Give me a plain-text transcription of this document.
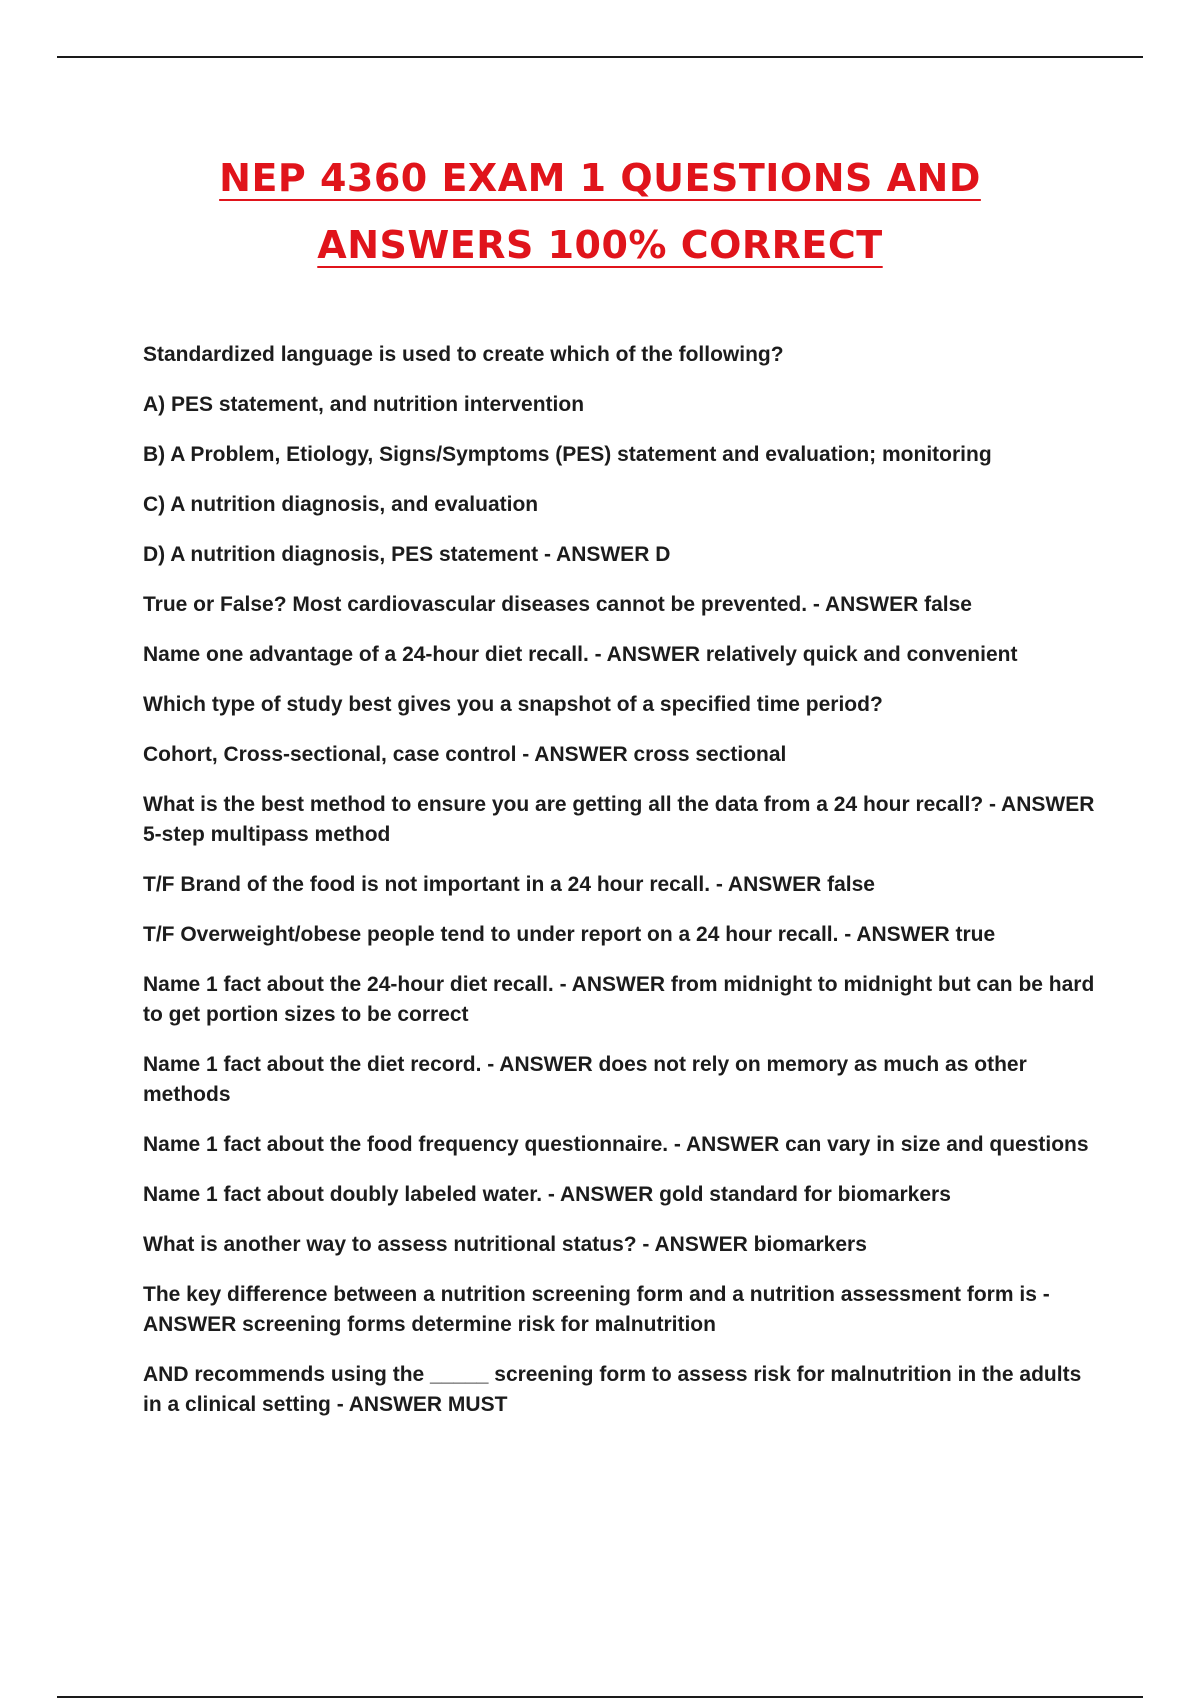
NEP 4360 EXAM 1 QUESTIONS AND
ANSWERS 100% CORRECT

Standardized language is used to create which of the following?

A) PES statement, and nutrition intervention

B) A Problem, Etiology, Signs/Symptoms (PES) statement and evaluation; monitoring

C) A nutrition diagnosis, and evaluation

D) A nutrition diagnosis, PES statement - ANSWER D

True or False? Most cardiovascular diseases cannot be prevented. - ANSWER false

Name one advantage of a 24-hour diet recall. - ANSWER relatively quick and convenient

Which type of study best gives you a snapshot of a specified time period?

Cohort, Cross-sectional, case control - ANSWER cross sectional

What is the best method to ensure you are getting all the data from a 24 hour recall? - ANSWER 5-step multipass method

T/F Brand of the food is not important in a 24 hour recall. - ANSWER false

T/F Overweight/obese people tend to under report on a 24 hour recall. - ANSWER true

Name 1 fact about the 24-hour diet recall. - ANSWER from midnight to midnight but can be hard to get portion sizes to be correct

Name 1 fact about the diet record. - ANSWER does not rely on memory as much as other methods

Name 1 fact about the food frequency questionnaire. - ANSWER can vary in size and questions

Name 1 fact about doubly labeled water. - ANSWER gold standard for biomarkers

What is another way to assess nutritional status? - ANSWER biomarkers

The key difference between a nutrition screening form and a nutrition assessment form is - ANSWER screening forms determine risk for malnutrition

AND recommends using the _____ screening form to assess risk for malnutrition in the adults in a clinical setting - ANSWER MUST
